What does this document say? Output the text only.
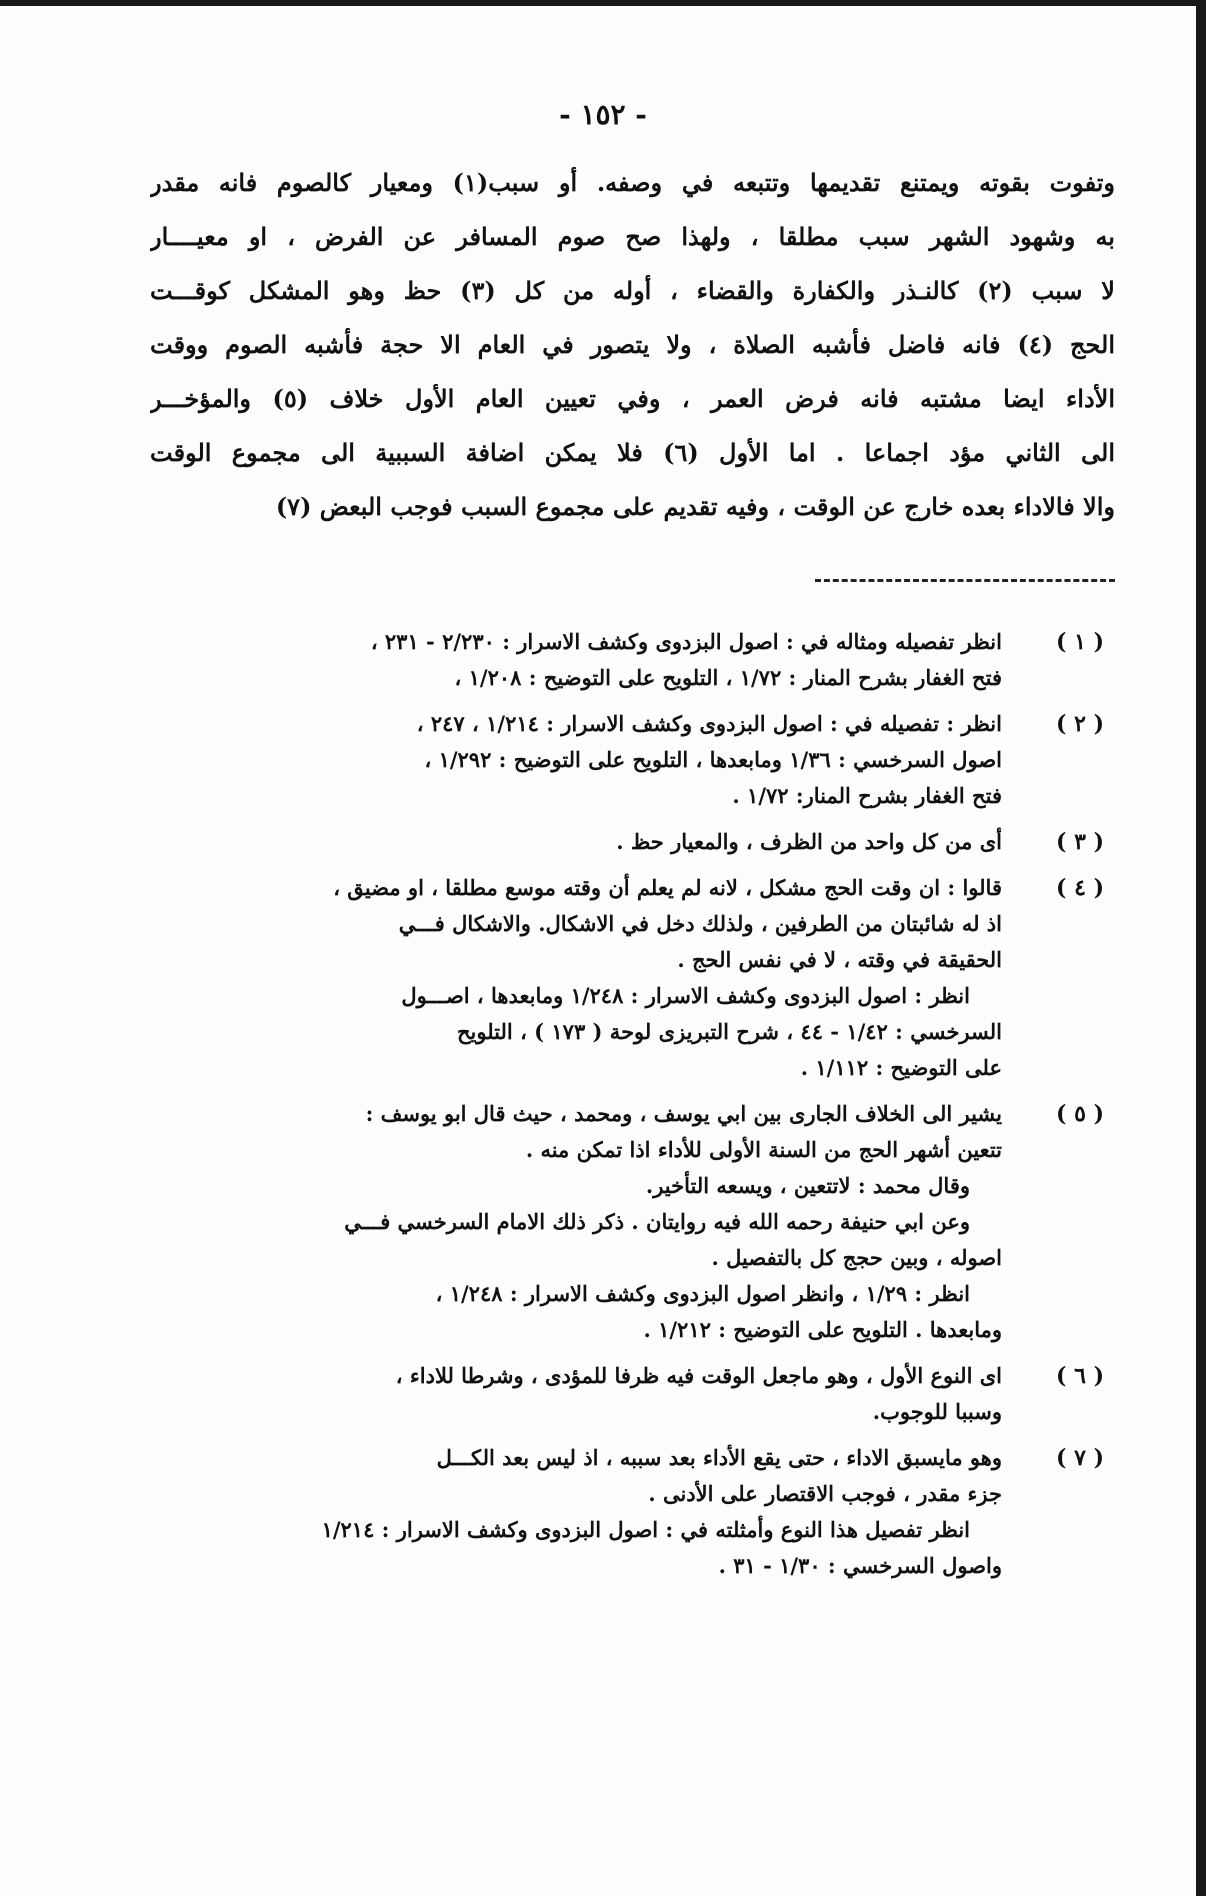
- ١٥٢ -
وتفوت بقوته ويمتنع تقديمها وتتبعه في وصفه. أو سبب(١) ومعيار كالصوم فانه مقدر
به وشهود الشهر سبب مطلقا ، ولهذا صح صوم المسافر عن الفرض ، او معيــــار
لا سبب (٢) كالنـذر والكفارة والقضاء ، أوله من كل (٣) حظ وهو المشكل كوقـــت
الحج (٤) فانه فاضل فأشبه الصلاة ، ولا يتصور في العام الا حجة فأشبه الصوم ووقت
الأداء ايضا مشتبه فانه فرض العمر ، وفي تعيين العام الأول خلاف (٥) والمؤخـــر
الى الثاني مؤد اجماعا . اما الأول (٦) فلا يمكن اضافة السببية الى مجموع الوقت
والا فالاداء بعده خارج عن الوقت ، وفيه تقديم على مجموع السبب فوجب البعض (٧)
( ١ )
انظر تفصيله ومثاله في : اصول البزدوى وكشف الاسرار : ٢/٢٣٠ - ٢٣١ ،
فتح الغفار بشرح المنار : ١/٧٢ ، التلويح على التوضيح : ١/٢٠٨ ،
( ٢ )
انظر : تفصيله في : اصول البزدوى وكشف الاسرار : ١/٢١٤ ، ٢٤٧ ،
اصول السرخسي : ١/٣٦ ومابعدها ، التلويح على التوضيح : ١/٢٩٢ ،
فتح الغفار بشرح المنار: ١/٧٢ .
( ٣ )
أى من كل واحد من الظرف ، والمعيار حظ .
( ٤ )
قالوا : ان وقت الحج مشكل ، لانه لم يعلم أن وقته موسع مطلقا ، او مضيق ،
اذ له شائبتان من الطرفين ، ولذلك دخل في الاشكال. والاشكال فـــي
الحقيقة في وقته ، لا في نفس الحج .
انظر : اصول البزدوى وكشف الاسرار : ١/٢٤٨ ومابعدها ، اصـــول
السرخسي : ١/٤٢ - ٤٤ ، شرح التبريزى لوحة ( ١٧٣ ) ، التلويح
على التوضيح : ١/١١٢ .
( ٥ )
يشير الى الخلاف الجارى بين ابي يوسف ، ومحمد ، حيث قال ابو يوسف :
تتعين أشهر الحج من السنة الأولى للأداء اذا تمكن منه .
وقال محمد : لاتتعين ، ويسعه التأخير.
وعن ابي حنيفة رحمه الله فيه روايتان . ذكر ذلك الامام السرخسي فـــي
اصوله ، وبين حجج كل بالتفصيل .
انظر : ١/٢٩ ، وانظر اصول البزدوى وكشف الاسرار : ١/٢٤٨ ،
ومابعدها . التلويح على التوضيح : ١/٢١٢ .
( ٦ )
اى النوع الأول ، وهو ماجعل الوقت فيه ظرفا للمؤدى ، وشرطا للاداء ،
وسببا للوجوب.
( ٧ )
وهو مايسبق الاداء ، حتى يقع الأداء بعد سببه ، اذ ليس بعد الكـــل
جزء مقدر ، فوجب الاقتصار على الأدنى .
انظر تفصيل هذا النوع وأمثلته في : اصول البزدوى وكشف الاسرار : ١/٢١٤
واصول السرخسي : ١/٣٠ - ٣١ .
